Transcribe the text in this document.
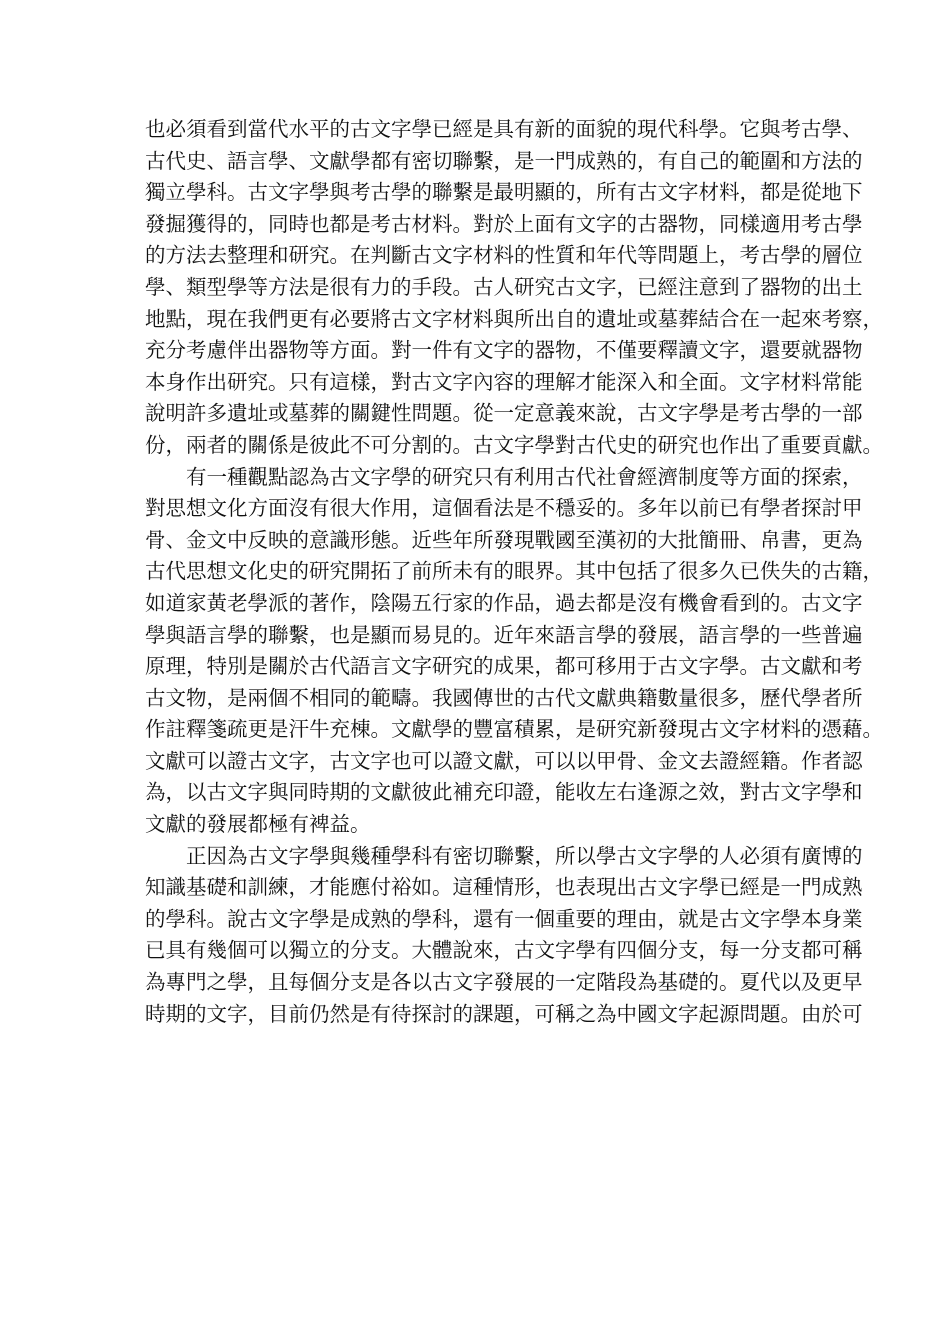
也必須看到當代水平的古文字學已經是具有新的面貌的現代科學。它與考古學、
古代史、語言學、文獻學都有密切聯繫，是一門成熟的，有自己的範圍和方法的
獨立學科。古文字學與考古學的聯繫是最明顯的，所有古文字材料，都是從地下
發掘獲得的，同時也都是考古材料。對於上面有文字的古器物，同樣適用考古學
的方法去整理和研究。在判斷古文字材料的性質和年代等問題上，考古學的層位
學、類型學等方法是很有力的手段。古人研究古文字，已經注意到了器物的出土
地點，現在我們更有必要將古文字材料與所出自的遺址或墓葬結合在一起來考察，
充分考慮伴出器物等方面。對一件有文字的器物，不僅要釋讀文字，還要就器物
本身作出研究。只有這樣，對古文字內容的理解才能深入和全面。文字材料常能
說明許多遺址或墓葬的關鍵性問題。從一定意義來說，古文字學是考古學的一部
份，兩者的關係是彼此不可分割的。古文字學對古代史的研究也作出了重要貢獻。
有一種觀點認為古文字學的研究只有利用古代社會經濟制度等方面的探索，
對思想文化方面沒有很大作用，這個看法是不穩妥的。多年以前已有學者探討甲
骨、金文中反映的意識形態。近些年所發現戰國至漢初的大批簡冊、帛書，更為
古代思想文化史的研究開拓了前所未有的眼界。其中包括了很多久已佚失的古籍，
如道家黃老學派的著作，陰陽五行家的作品，過去都是沒有機會看到的。古文字
學與語言學的聯繫，也是顯而易見的。近年來語言學的發展，語言學的一些普遍
原理，特別是關於古代語言文字研究的成果，都可移用于古文字學。古文獻和考
古文物，是兩個不相同的範疇。我國傳世的古代文獻典籍數量很多，歷代學者所
作註釋箋疏更是汗牛充棟。文獻學的豐富積累，是研究新發現古文字材料的憑藉。
文獻可以證古文字，古文字也可以證文獻，可以以甲骨、金文去證經籍。作者認
為，以古文字與同時期的文獻彼此補充印證，能收左右逢源之效，對古文字學和
文獻的發展都極有裨益。
正因為古文字學與幾種學科有密切聯繫，所以學古文字學的人必須有廣博的
知識基礎和訓練，才能應付裕如。這種情形，也表現出古文字學已經是一門成熟
的學科。說古文字學是成熟的學科，還有一個重要的理由，就是古文字學本身業
已具有幾個可以獨立的分支。大體說來，古文字學有四個分支，每一分支都可稱
為專門之學，且每個分支是各以古文字發展的一定階段為基礎的。夏代以及更早
時期的文字，目前仍然是有待探討的課題，可稱之為中國文字起源問題。由於可
